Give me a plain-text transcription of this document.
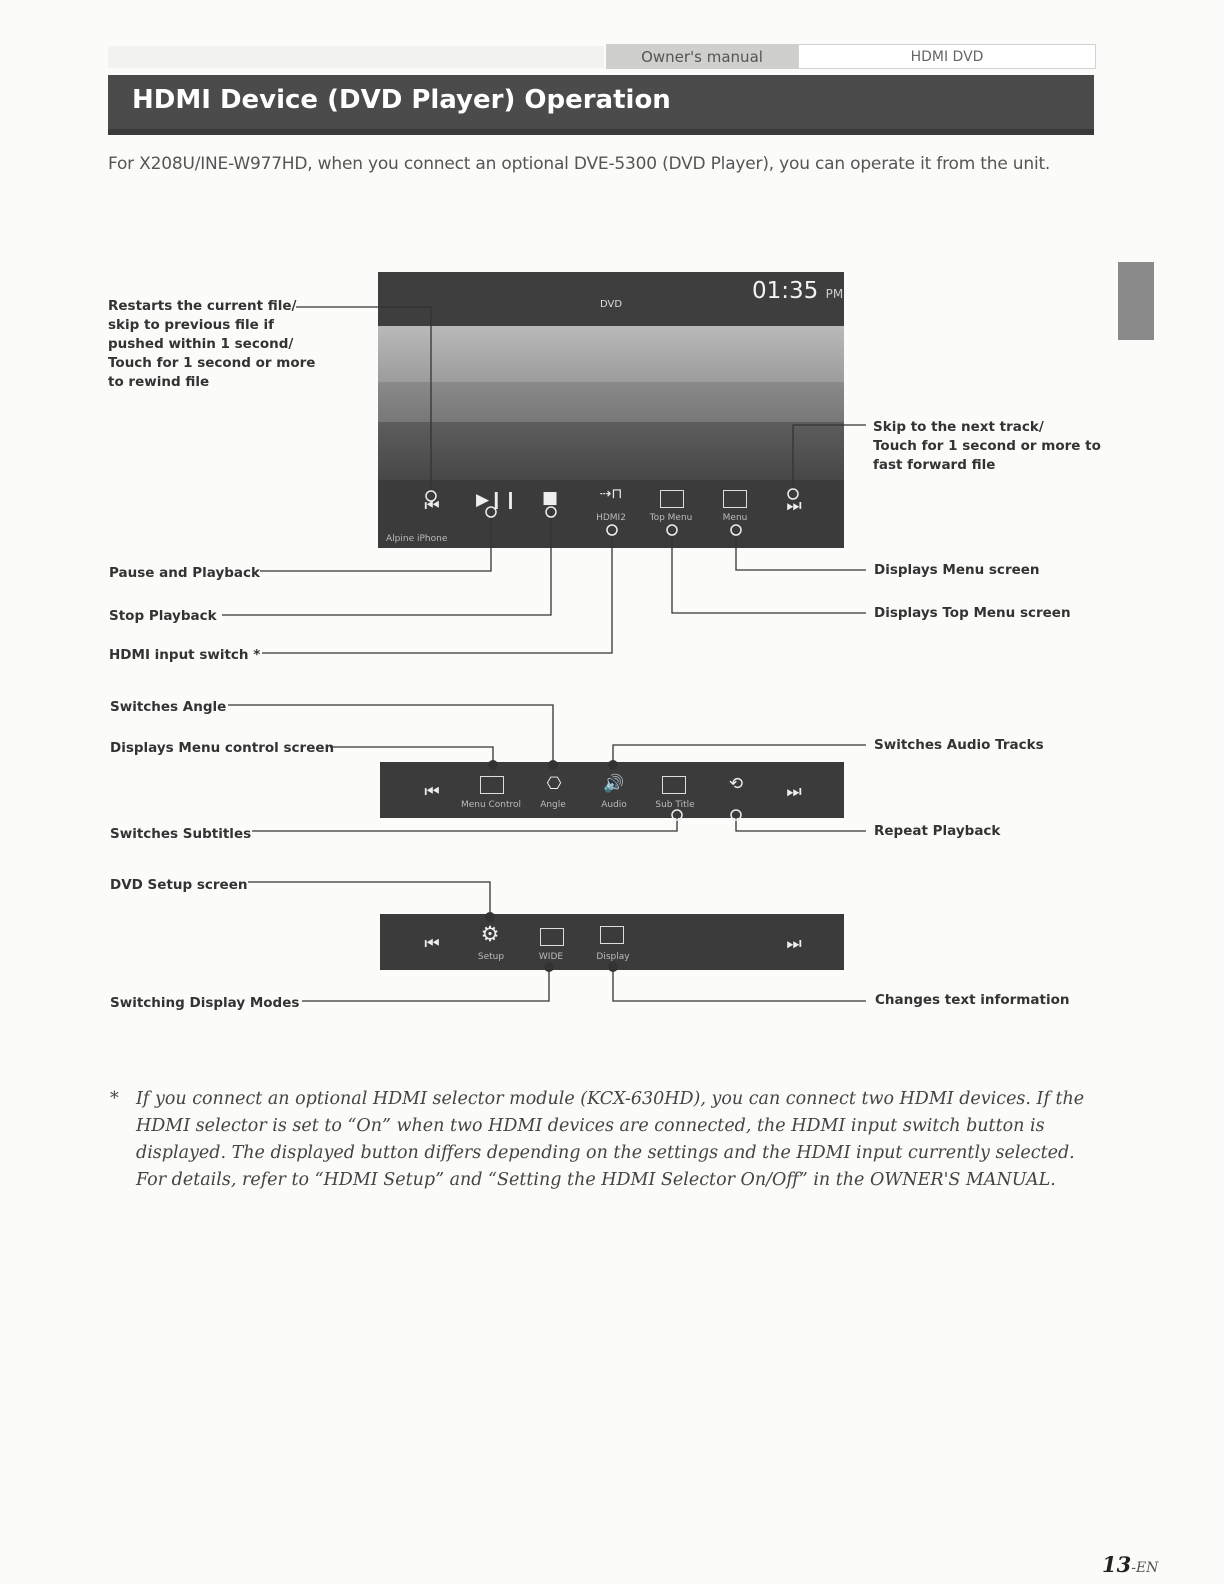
Owner's manual	HDMI DVD
HDMI Device (DVD Player) Operation
For X208U/INE-W977HD, when you connect an optional DVE-5300 (DVD Player), you can operate it from the unit.
01:35 PM
DVD
⏮	▶❙❙ ■	⇢⊓
HDMI2	Top Menu	Menu
⏭
Alpine iPhone
⏮
Menu Control
⎔
Angle
🔊
Audio	Sub Title
⟲	⏭
⏮	⚙
Setup	WIDE	Display
⏭
Restarts the current file/
skip to previous file if
pushed within 1 second/
Touch for 1 second or more
to rewind file
Skip to the next track/
Touch for 1 second or more to
fast forward file
Pause and Playback
Stop Playback
HDMI input switch *
Displays Menu screen
Displays Top Menu screen
Switches Angle
Displays Menu control screen	Switches Audio Tracks
Switches Subtitles	Repeat Playback
DVD Setup screen
Switching Display Modes	Changes text information
* If you connect an optional HDMI selector module (KCX-630HD), you can connect two HDMI devices. If the HDMI selector is set to “On” when two HDMI devices are connected, the HDMI input switch button is displayed. The displayed button differs depending on the settings and the HDMI input currently selected. For details, refer to “HDMI Setup” and “Setting the HDMI Selector On/Off” in the OWNER'S MANUAL.
13-EN
